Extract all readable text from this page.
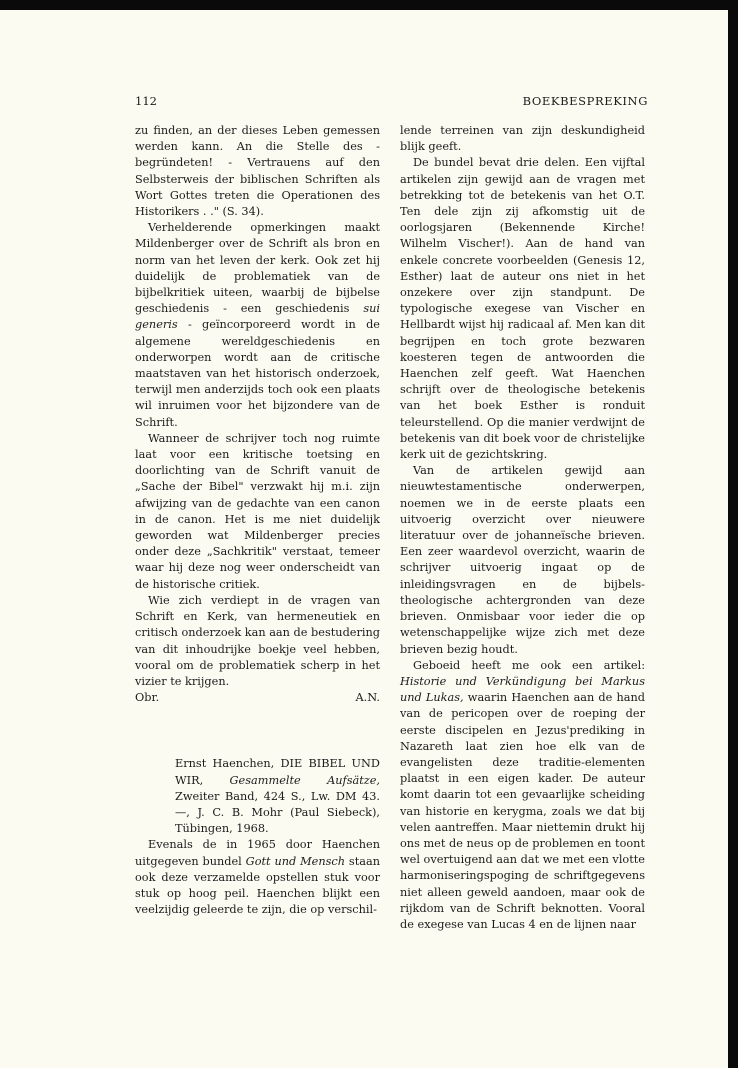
112	BOEKBESPREKING

zu finden, an der dieses Leben gemessen werden kann. An die Stelle des - begründeten! - Vertrauens auf den Selbsterweis der biblischen Schriften als Wort Gottes treten die Operationen des Historikers . ." (S. 34).

Verhelderende opmerkingen maakt Mildenberger over de Schrift als bron en norm van het leven der kerk. Ook zet hij duidelijk de problematiek van de bijbelkritiek uiteen, waarbij de bijbelse geschiedenis - een geschiedenis sui generis - geïncorporeerd wordt in de algemene wereldgeschiedenis en onderworpen wordt aan de critische maatstaven van het historisch onderzoek, terwijl men anderzijds toch ook een plaats wil inruimen voor het bijzondere van de Schrift.

Wanneer de schrijver toch nog ruimte laat voor een kritische toetsing en doorlichting van de Schrift vanuit de „Sache der Bibel" verzwakt hij m.i. zijn afwijzing van de gedachte van een canon in de canon. Het is me niet duidelijk geworden wat Mildenberger precies onder deze „Sachkritik" verstaat, temeer waar hij deze nog weer onderscheidt van de historische critiek.

Wie zich verdiept in de vragen van Schrift en Kerk, van hermeneutiek en critisch onderzoek kan aan de bestudering van dit inhoudrijke boekje veel hebben, vooral om de problematiek scherp in het vizier te krijgen.

Obr.	A.N.

Ernst Haenchen, DIE BIBEL UND WIR, Gesammelte Aufsätze, Zweiter Band, 424 S., Lw. DM 43.—, J. C. B. Mohr (Paul Siebeck), Tübingen, 1968.

Evenals de in 1965 door Haenchen uitgegeven bundel Gott und Mensch staan ook deze verzamelde opstellen stuk voor stuk op hoog peil. Haenchen blijkt een veelzijdig geleerde te zijn, die op verschil-

lende terreinen van zijn deskundigheid blijk geeft.

De bundel bevat drie delen. Een vijftal artikelen zijn gewijd aan de vragen met betrekking tot de betekenis van het O.T. Ten dele zijn zij afkomstig uit de oorlogsjaren (Bekennende Kirche! Wilhelm Vischer!). Aan de hand van enkele concrete voorbeelden (Genesis 12, Esther) laat de auteur ons niet in het onzekere over zijn standpunt. De typologische exegese van Vischer en Hellbardt wijst hij radicaal af. Men kan dit begrijpen en toch grote bezwaren koesteren tegen de antwoorden die Haenchen zelf geeft. Wat Haenchen schrijft over de theologische betekenis van het boek Esther is ronduit teleurstellend. Op die manier verdwijnt de betekenis van dit boek voor de christelijke kerk uit de gezichtskring.

Van de artikelen gewijd aan nieuwtestamentische onderwerpen, noemen we in de eerste plaats een uitvoerig overzicht over nieuwere literatuur over de johanneïsche brieven. Een zeer waardevol overzicht, waarin de schrijver uitvoerig ingaat op de inleidingsvragen en de bijbels-theologische achtergronden van deze brieven. Onmisbaar voor ieder die op wetenschappelijke wijze zich met deze brieven bezig houdt.

Geboeid heeft me ook een artikel: Historie und Verkündigung bei Markus und Lukas, waarin Haenchen aan de hand van de pericopen over de roeping der eerste discipelen en Jezus'prediking in Nazareth laat zien hoe elk van de evangelisten deze traditie-elementen plaatst in een eigen kader. De auteur komt daarin tot een gevaarlijke scheiding van historie en kerygma, zoals we dat bij velen aantreffen. Maar niettemin drukt hij ons met de neus op de problemen en toont wel overtuigend aan dat we met een vlotte harmoniseringspoging de schriftgegevens niet alleen geweld aandoen, maar ook de rijkdom van de Schrift beknotten. Vooral de exegese van Lucas 4 en de lijnen naar
